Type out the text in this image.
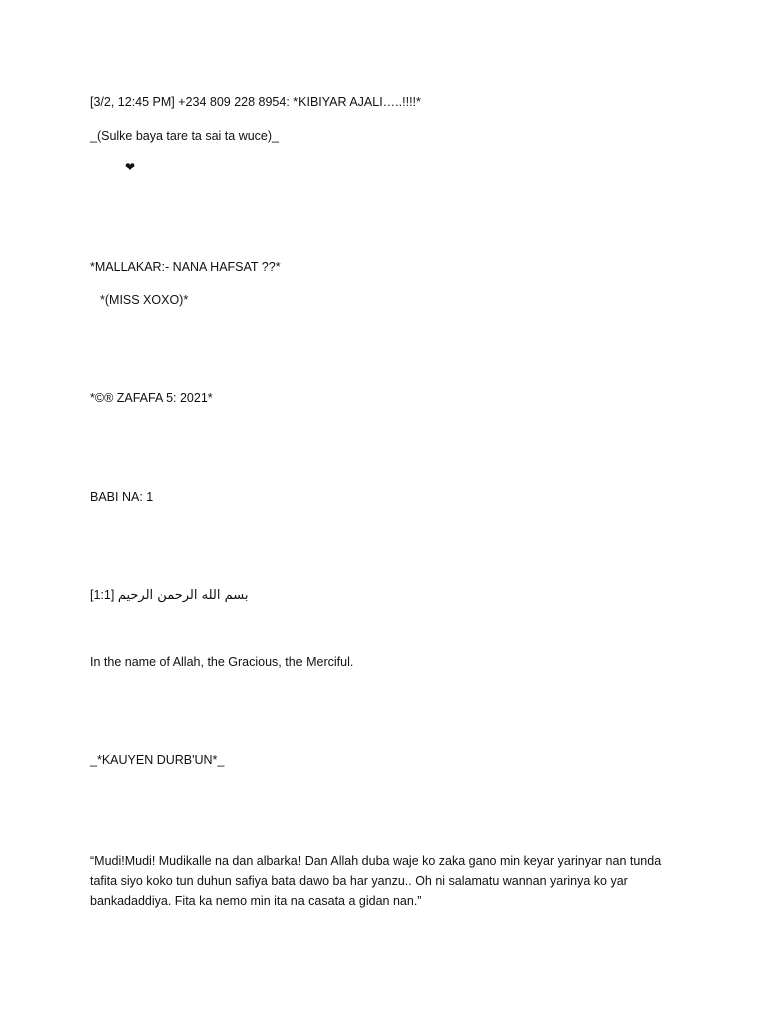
[3/2, 12:45 PM] +234 809 228 8954: *KIBIYAR AJALI…..!!!!*
_(Sulke baya tare ta sai ta wuce)_
❤
*MALLAKAR:- NANA HAFSAT ??*
*(MISS XOXO)*
*©® ZAFAFA 5: 2021*
BABI NA: 1
[1:1] بسم الله الرحمن الرحيم
In the name of Allah, the Gracious, the Merciful.
_*KAUYEN DURB'UN*_
“Mudi!Mudi! Mudikalle na dan albarka! Dan Allah duba waje ko zaka gano min keyar yarinyar nan tunda tafita siyo koko tun duhun safiya bata dawo ba har yanzu.. Oh ni salamatu wannan yarinya ko yar bankadaddiya. Fita ka nemo min ita na casata a gidan nan.”
